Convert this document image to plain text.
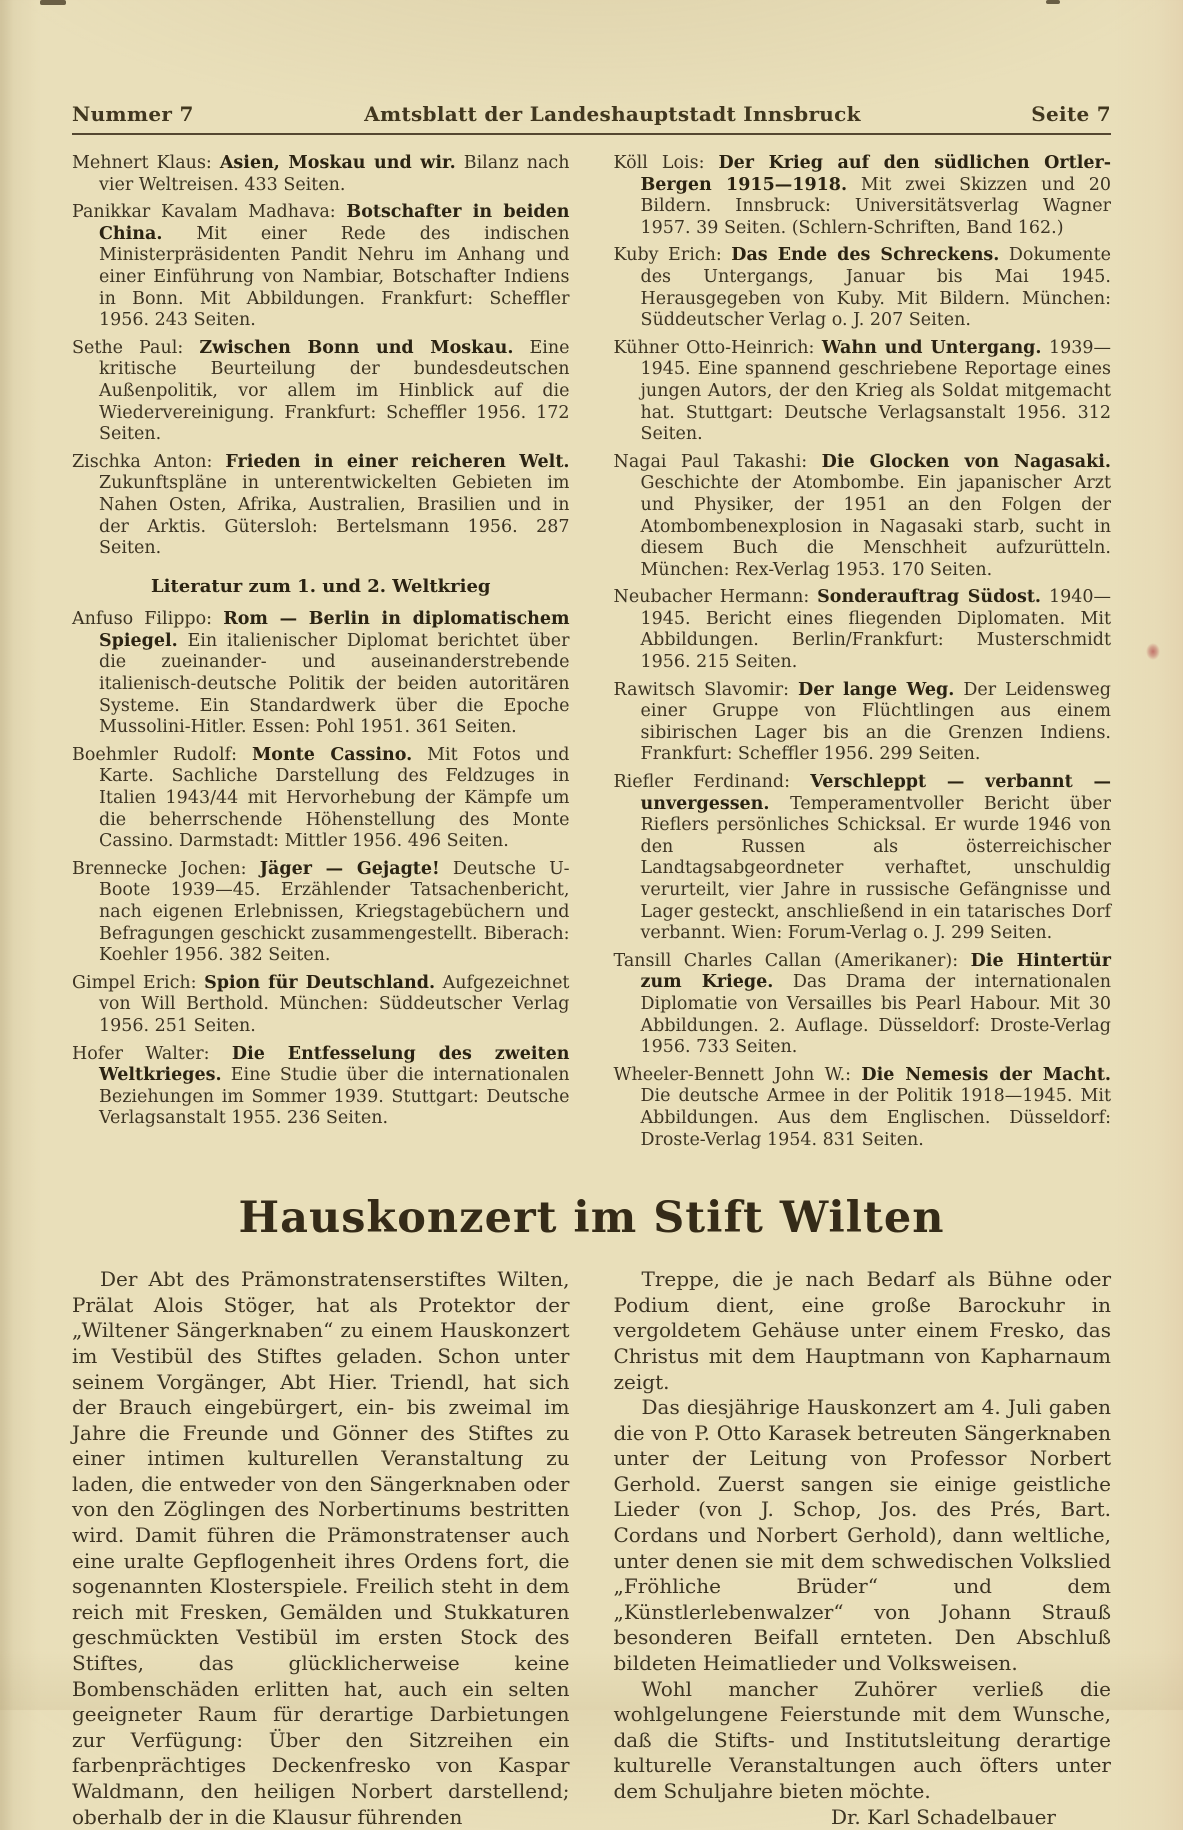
Nummer 7	Amtsblatt der Landeshauptstadt Innsbruck	Seite 7

Mehnert Klaus: Asien, Moskau und wir. Bilanz nach vier Weltreisen. 433 Seiten.

Panikkar Kavalam Madhava: Botschafter in beiden China. Mit einer Rede des indischen Ministerpräsidenten Pandit Nehru im Anhang und einer Einführung von Nambiar, Botschafter Indiens in Bonn. Mit Abbildungen. Frankfurt: Scheffler 1956. 243 Seiten.

Sethe Paul: Zwischen Bonn und Moskau. Eine kritische Beurteilung der bundesdeutschen Außenpolitik, vor allem im Hinblick auf die Wiedervereinigung. Frankfurt: Scheffler 1956. 172 Seiten.

Zischka Anton: Frieden in einer reicheren Welt. Zukunftspläne in unterentwickelten Gebieten im Nahen Osten, Afrika, Australien, Brasilien und in der Arktis. Gütersloh: Bertelsmann 1956. 287 Seiten.

Literatur zum 1. und 2. Weltkrieg

Anfuso Filippo: Rom — Berlin in diplomatischem Spiegel. Ein italienischer Diplomat berichtet über die zueinander- und auseinanderstrebende italienisch-deutsche Politik der beiden autoritären Systeme. Ein Standardwerk über die Epoche Mussolini-Hitler. Essen: Pohl 1951. 361 Seiten.

Boehmler Rudolf: Monte Cassino. Mit Fotos und Karte. Sachliche Darstellung des Feldzuges in Italien 1943/44 mit Hervorhebung der Kämpfe um die beherrschende Höhenstellung des Monte Cassino. Darmstadt: Mittler 1956. 496 Seiten.

Brennecke Jochen: Jäger — Gejagte! Deutsche U-Boote 1939—45. Erzählender Tatsachenbericht, nach eigenen Erlebnissen, Kriegstagebüchern und Befragungen geschickt zusammengestellt. Biberach: Koehler 1956. 382 Seiten.

Gimpel Erich: Spion für Deutschland. Aufgezeichnet von Will Berthold. München: Süddeutscher Verlag 1956. 251 Seiten.

Hofer Walter: Die Entfesselung des zweiten Weltkrieges. Eine Studie über die internationalen Beziehungen im Sommer 1939. Stuttgart: Deutsche Verlagsanstalt 1955. 236 Seiten.

Köll Lois: Der Krieg auf den südlichen Ortler-Bergen 1915—1918. Mit zwei Skizzen und 20 Bildern. Innsbruck: Universitätsverlag Wagner 1957. 39 Seiten. (Schlern-Schriften, Band 162.)

Kuby Erich: Das Ende des Schreckens. Dokumente des Untergangs, Januar bis Mai 1945. Herausgegeben von Kuby. Mit Bildern. München: Süddeutscher Verlag o. J. 207 Seiten.

Kühner Otto-Heinrich: Wahn und Untergang. 1939—1945. Eine spannend geschriebene Reportage eines jungen Autors, der den Krieg als Soldat mitgemacht hat. Stuttgart: Deutsche Verlagsanstalt 1956. 312 Seiten.

Nagai Paul Takashi: Die Glocken von Nagasaki. Geschichte der Atombombe. Ein japanischer Arzt und Physiker, der 1951 an den Folgen der Atombombenexplosion in Nagasaki starb, sucht in diesem Buch die Menschheit aufzurütteln. München: Rex-Verlag 1953. 170 Seiten.

Neubacher Hermann: Sonderauftrag Südost. 1940—1945. Bericht eines fliegenden Diplomaten. Mit Abbildungen. Berlin/Frankfurt: Musterschmidt 1956. 215 Seiten.

Rawitsch Slavomir: Der lange Weg. Der Leidensweg einer Gruppe von Flüchtlingen aus einem sibirischen Lager bis an die Grenzen Indiens. Frankfurt: Scheffler 1956. 299 Seiten.

Riefler Ferdinand: Verschleppt — verbannt — unvergessen. Temperamentvoller Bericht über Rieflers persönliches Schicksal. Er wurde 1946 von den Russen als österreichischer Landtagsabgeordneter verhaftet, unschuldig verurteilt, vier Jahre in russische Gefängnisse und Lager gesteckt, anschließend in ein tatarisches Dorf verbannt. Wien: Forum-Verlag o. J. 299 Seiten.

Tansill Charles Callan (Amerikaner): Die Hintertür zum Kriege. Das Drama der internationalen Diplomatie von Versailles bis Pearl Habour. Mit 30 Abbildungen. 2. Auflage. Düsseldorf: Droste-Verlag 1956. 733 Seiten.

Wheeler-Bennett John W.: Die Nemesis der Macht. Die deutsche Armee in der Politik 1918—1945. Mit Abbildungen. Aus dem Englischen. Düsseldorf: Droste-Verlag 1954. 831 Seiten.

Hauskonzert im Stift Wilten

Der Abt des Prämonstratenserstiftes Wilten, Prälat Alois Stöger, hat als Protektor der „Wiltener Sängerknaben“ zu einem Hauskonzert im Vestibül des Stiftes geladen. Schon unter seinem Vorgänger, Abt Hier. Triendl, hat sich der Brauch eingebürgert, ein- bis zweimal im Jahre die Freunde und Gönner des Stiftes zu einer intimen kulturellen Veranstaltung zu laden, die entweder von den Sängerknaben oder von den Zöglingen des Norbertinums bestritten wird. Damit führen die Prämonstratenser auch eine uralte Gepflogenheit ihres Ordens fort, die sogenannten Klosterspiele. Freilich steht in dem reich mit Fresken, Gemälden und Stukkaturen geschmückten Vestibül im ersten Stock des Stiftes, das glücklicherweise keine Bombenschäden erlitten hat, auch ein selten geeigneter Raum für derartige Darbietungen zur Verfügung: Über den Sitzreihen ein farbenprächtiges Deckenfresko von Kaspar Waldmann, den heiligen Norbert darstellend; oberhalb der in die Klausur führenden

Treppe, die je nach Bedarf als Bühne oder Podium dient, eine große Barockuhr in vergoldetem Gehäuse unter einem Fresko, das Christus mit dem Hauptmann von Kapharnaum zeigt.

Das diesjährige Hauskonzert am 4. Juli gaben die von P. Otto Karasek betreuten Sängerknaben unter der Leitung von Professor Norbert Gerhold. Zuerst sangen sie einige geistliche Lieder (von J. Schop, Jos. des Prés, Bart. Cordans und Norbert Gerhold), dann weltliche, unter denen sie mit dem schwedischen Volkslied „Fröhliche Brüder“ und dem „Künstlerlebenwalzer“ von Johann Strauß besonderen Beifall ernteten. Den Abschluß bildeten Heimatlieder und Volksweisen.

Wohl mancher Zuhörer verließ die wohlgelungene Feierstunde mit dem Wunsche, daß die Stifts- und Institutsleitung derartige kulturelle Veranstaltungen auch öfters unter dem Schuljahre bieten möchte.

Dr. Karl Schadelbauer
